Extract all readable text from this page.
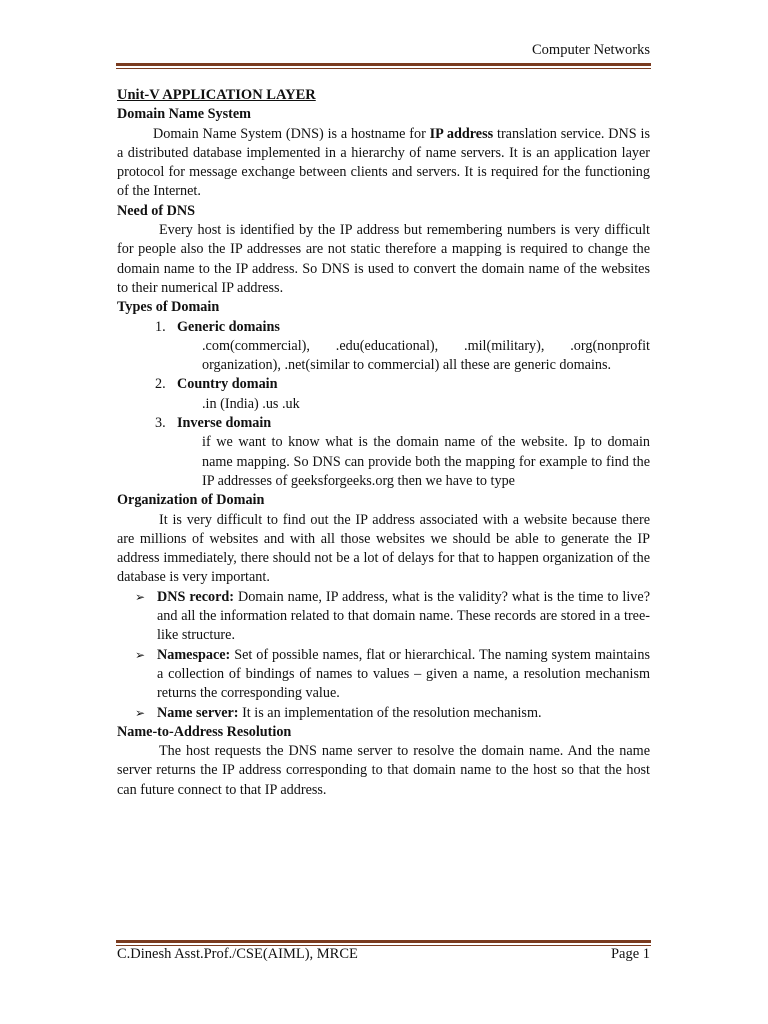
Computer Networks

Unit-V APPLICATION LAYER

Domain Name System

Domain Name System (DNS) is a hostname for IP address translation service. DNS is a distributed database implemented in a hierarchy of name servers. It is an application layer protocol for message exchange between clients and servers. It is required for the functioning of the Internet.

Need of DNS

Every host is identified by the IP address but remembering numbers is very difficult for people also the IP addresses are not static therefore a mapping is required to change the domain name to the IP address. So DNS is used to convert the domain name of the websites to their numerical IP address.

Types of Domain

1. Generic domains
.com(commercial), .edu(educational), .mil(military), .org(nonprofit organization), .net(similar to commercial) all these are generic domains.
2. Country domain
.in (India) .us .uk
3. Inverse domain
if we want to know what is the domain name of the website. Ip to domain name mapping. So DNS can provide both the mapping for example to find the IP addresses of geeksforgeeks.org then we have to type

Organization of Domain

It is very difficult to find out the IP address associated with a website because there are millions of websites and with all those websites we should be able to generate the IP address immediately, there should not be a lot of delays for that to happen organization of the database is very important.

➢ DNS record: Domain name, IP address, what is the validity? what is the time to live? and all the information related to that domain name. These records are stored in a tree-like structure.
➢ Namespace: Set of possible names, flat or hierarchical. The naming system maintains a collection of bindings of names to values – given a name, a resolution mechanism returns the corresponding value.
➢ Name server: It is an implementation of the resolution mechanism.

Name-to-Address Resolution

The host requests the DNS name server to resolve the domain name. And the name server returns the IP address corresponding to that domain name to the host so that the host can future connect to that IP address.

C.Dinesh Asst.Prof./CSE(AIML), MRCE	Page 1
